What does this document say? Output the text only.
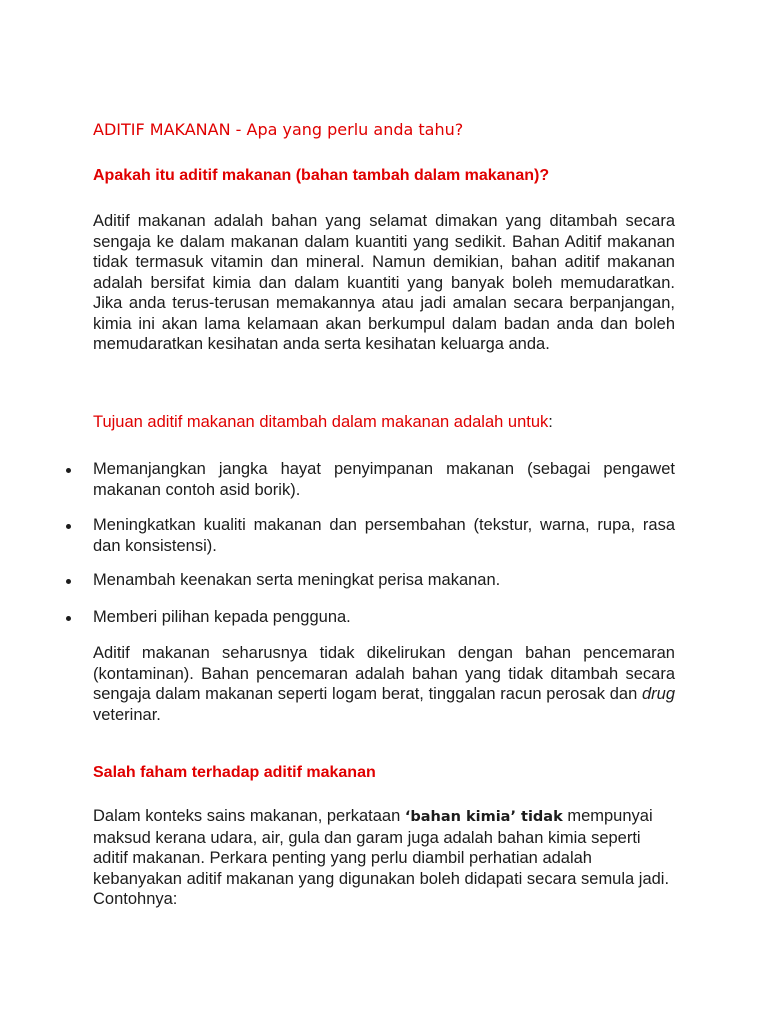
ADITIF MAKANAN - Apa yang perlu anda tahu?
Apakah itu aditif makanan (bahan tambah dalam makanan)?
Aditif makanan adalah bahan yang selamat dimakan yang ditambah secara sengaja ke dalam makanan dalam kuantiti yang sedikit. Bahan Aditif makanan tidak termasuk vitamin dan mineral. Namun demikian, bahan aditif makanan adalah bersifat kimia dan dalam kuantiti yang banyak boleh memudaratkan. Jika anda terus-terusan memakannya atau jadi amalan secara berpanjangan, kimia ini akan lama kelamaan akan berkumpul dalam badan anda dan boleh memudaratkan kesihatan anda serta kesihatan keluarga anda.
Tujuan aditif makanan ditambah dalam makanan adalah untuk:
Memanjangkan jangka hayat penyimpanan makanan (sebagai pengawet makanan contoh asid borik).
Meningkatkan kualiti makanan dan persembahan (tekstur, warna, rupa, rasa dan konsistensi).
Menambah keenakan serta meningkat perisa makanan.
Memberi pilihan kepada pengguna.
Aditif makanan seharusnya tidak dikelirukan dengan bahan pencemaran (kontaminan). Bahan pencemaran adalah bahan yang tidak ditambah secara sengaja dalam makanan seperti logam berat, tinggalan racun perosak dan drug veterinar.
Salah faham terhadap aditif makanan
Dalam konteks sains makanan, perkataan ‘bahan kimia’ tidak mempunyai maksud kerana udara, air, gula dan garam juga adalah bahan kimia seperti aditif makanan. Perkara penting yang perlu diambil perhatian adalah kebanyakan aditif makanan yang digunakan boleh didapati secara semula jadi. Contohnya:
